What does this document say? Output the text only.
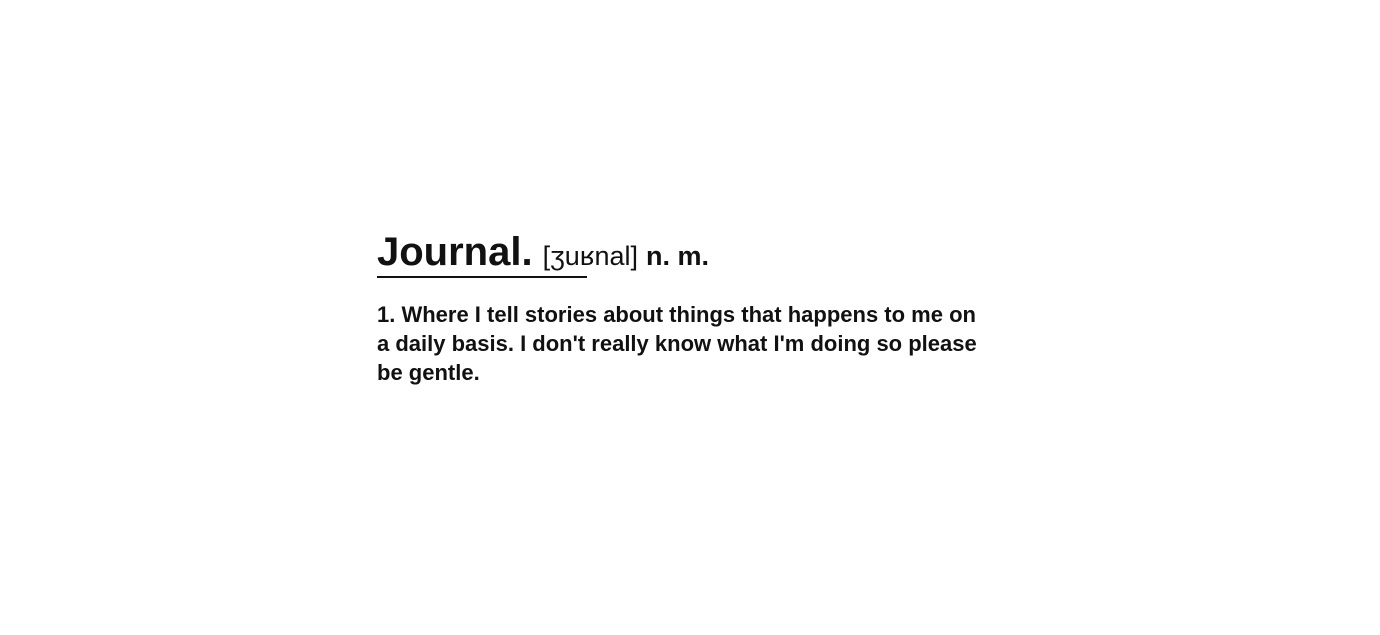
Journal. [ʒuʁnal] n. m.
1. Where I tell stories about things that happens to me on a daily basis. I don't really know what I'm doing so please be gentle.
